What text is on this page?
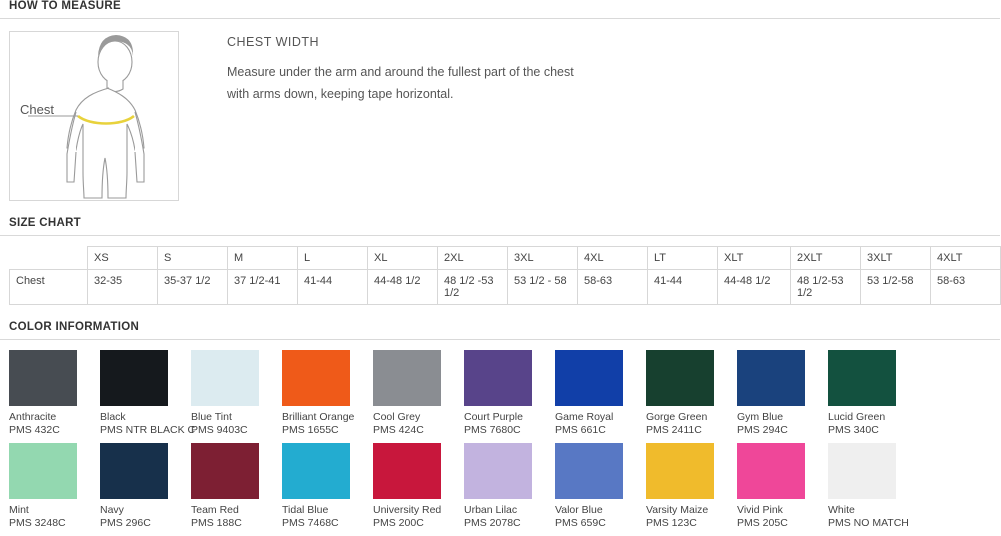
HOW TO MEASURE
Chest
CHEST WIDTH
Measure under the arm and around the fullest part of the chest
with arms down, keeping tape horizontal.
SIZE CHART
	XS	S	M	L	XL	2XL	3XL	4XL	LT	XLT	2XLT	3XLT	4XLT
Chest	32-35	35-37 1/2	37 1/2-41	41-44	44-48 1/2	48 1/2 -53 1/2	53 1/2 - 58	58-63	41-44	44-48 1/2	48 1/2-53 1/2	53 1/2-58	58-63
COLOR INFORMATION
Anthracite
PMS 432C
Black
PMS NTR BLACK C
Blue Tint
PMS 9403C
Brilliant Orange
PMS 1655C
Cool Grey
PMS 424C
Court Purple
PMS 7680C
Game Royal
PMS 661C
Gorge Green
PMS 2411C
Gym Blue
PMS 294C
Lucid Green
PMS 340C
Mint
PMS 3248C
Navy
PMS 296C
Team Red
PMS 188C
Tidal Blue
PMS 7468C
University Red
PMS 200C
Urban Lilac
PMS 2078C
Valor Blue
PMS 659C
Varsity Maize
PMS 123C
Vivid Pink
PMS 205C
White
PMS NO MATCH
